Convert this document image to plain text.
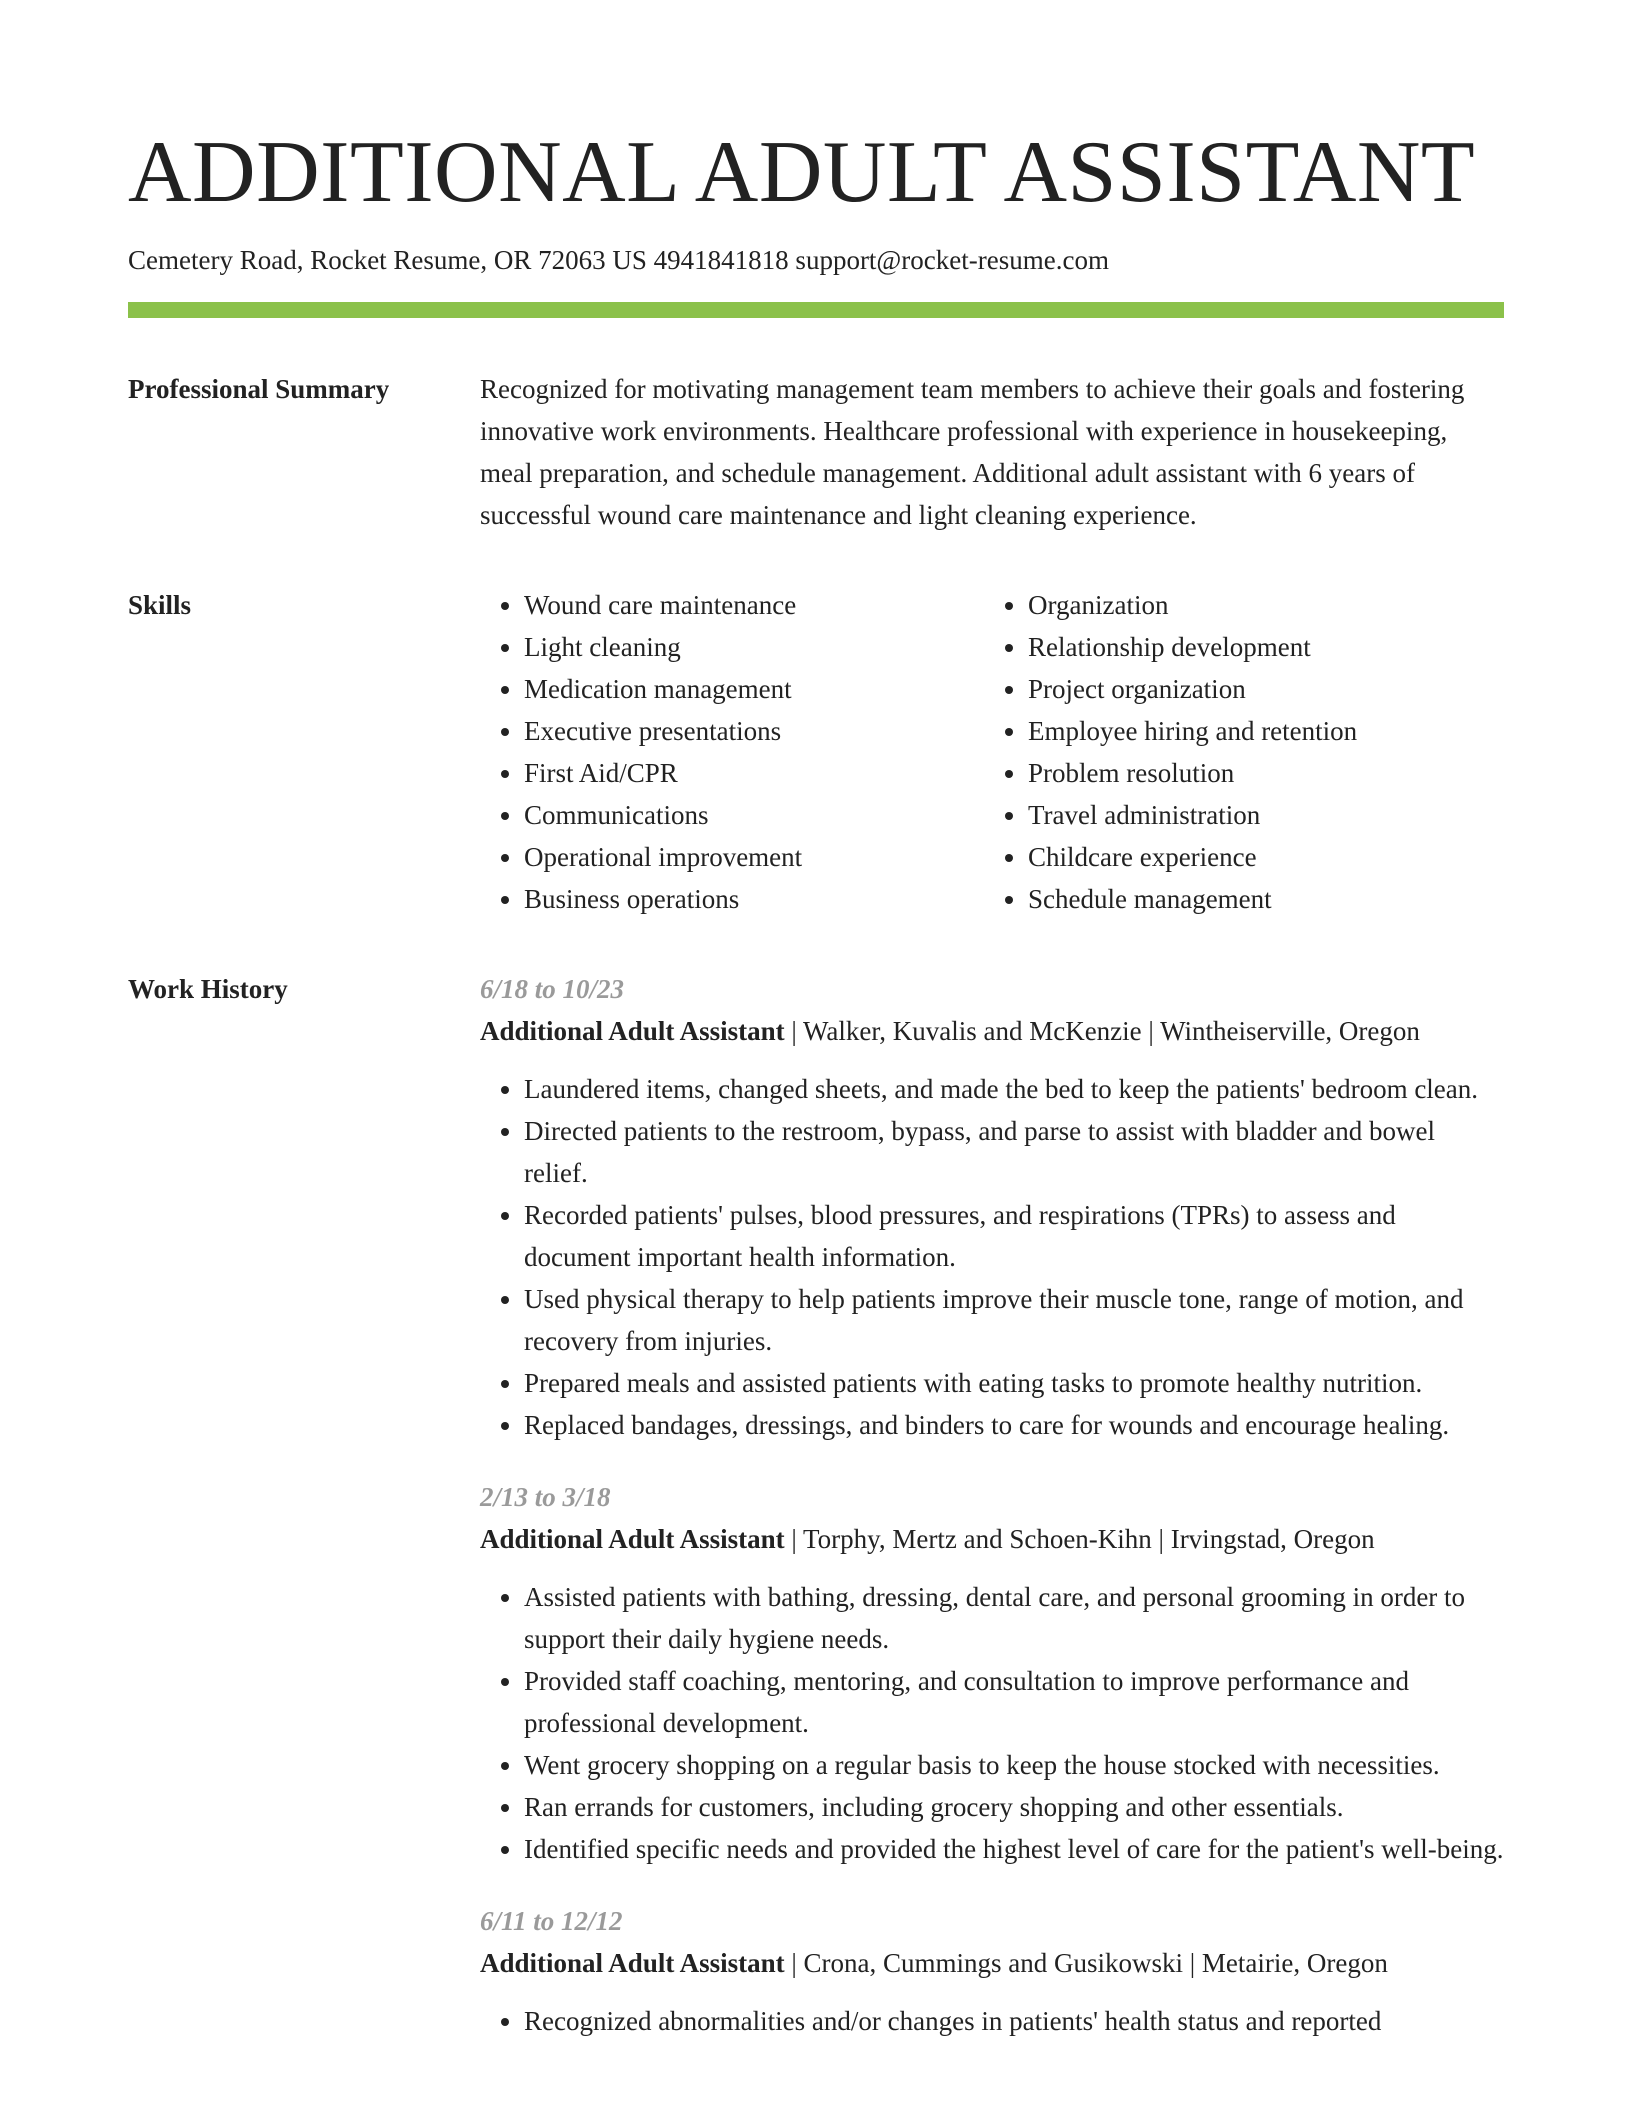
ADDITIONAL ADULT ASSISTANT
Cemetery Road, Rocket Resume, OR 72063 US 4941841818 support@rocket-resume.com
Professional Summary	Recognized for motivating management team members to achieve their goals and fostering innovative work environments. Healthcare professional with experience in housekeeping, meal preparation, and schedule management. Additional adult assistant with 6 years of successful wound care maintenance and light cleaning experience.

Skills
•	Wound care maintenance
• Light cleaning
• Medication management
• Executive presentations
• First Aid/CPR
• Communications
• Operational improvement
• Business operations
• Organization
• Relationship development
• Project organization
• Employee hiring and retention
• Problem resolution
• Travel administration
• Childcare experience
• Schedule management
Work History	6/18 to 10/23
Additional Adult Assistant | Walker, Kuvalis and McKenzie | Wintheiserville, Oregon
• Laundered items, changed sheets, and made the bed to keep the patients' bedroom clean.
• Directed patients to the restroom, bypass, and parse to assist with bladder and bowel relief.
• Recorded patients' pulses, blood pressures, and respirations (TPRs) to assess and document important health information.
• Used physical therapy to help patients improve their muscle tone, range of motion, and recovery from injuries.
• Prepared meals and assisted patients with eating tasks to promote healthy nutrition.
• Replaced bandages, dressings, and binders to care for wounds and encourage healing.
2/13 to 3/18
Additional Adult Assistant | Torphy, Mertz and Schoen-Kihn | Irvingstad, Oregon
• Assisted patients with bathing, dressing, dental care, and personal grooming in order to support their daily hygiene needs.
• Provided staff coaching, mentoring, and consultation to improve performance and professional development.
• Went grocery shopping on a regular basis to keep the house stocked with necessities.
• Ran errands for customers, including grocery shopping and other essentials.
• Identified specific needs and provided the highest level of care for the patient's well-being.
6/11 to 12/12
Additional Adult Assistant | Crona, Cummings and Gusikowski | Metairie, Oregon
• Recognized abnormalities and/or changes in patients' health status and reported
